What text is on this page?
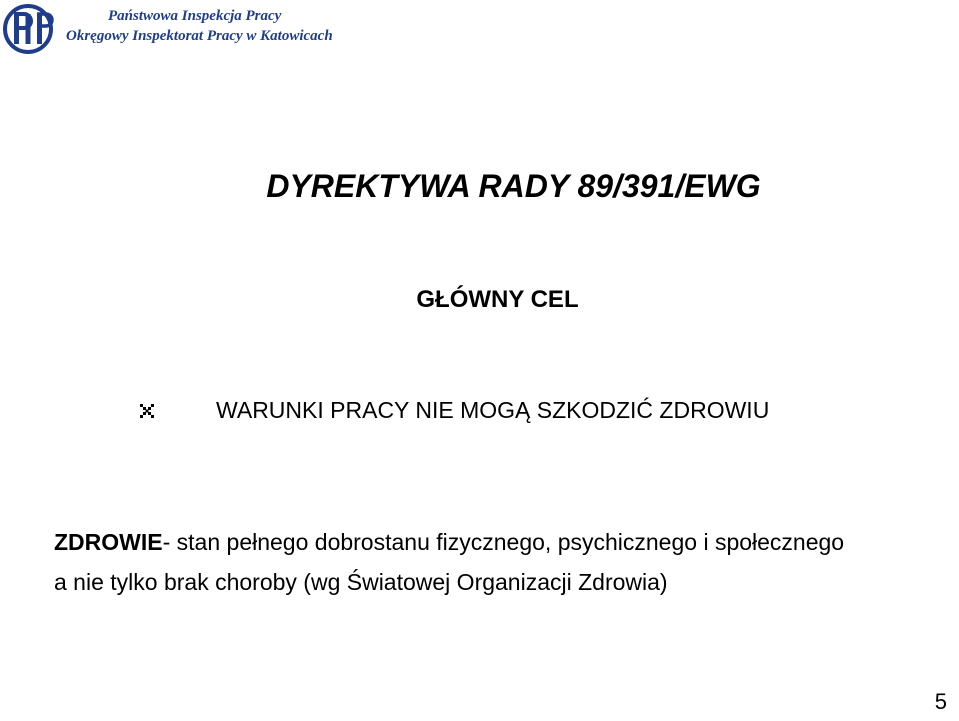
Państwowa Inspekcja Pracy
Okręgowy Inspektorat Pracy w Katowicach
DYREKTYWA RADY 89/391/EWG
GŁÓWNY CEL
WARUNKI PRACY NIE MOGĄ SZKODZIĆ ZDROWIU
ZDROWIE- stan pełnego dobrostanu fizycznego, psychicznego i społecznego
a nie tylko brak choroby (wg Światowej Organizacji Zdrowia)
5
